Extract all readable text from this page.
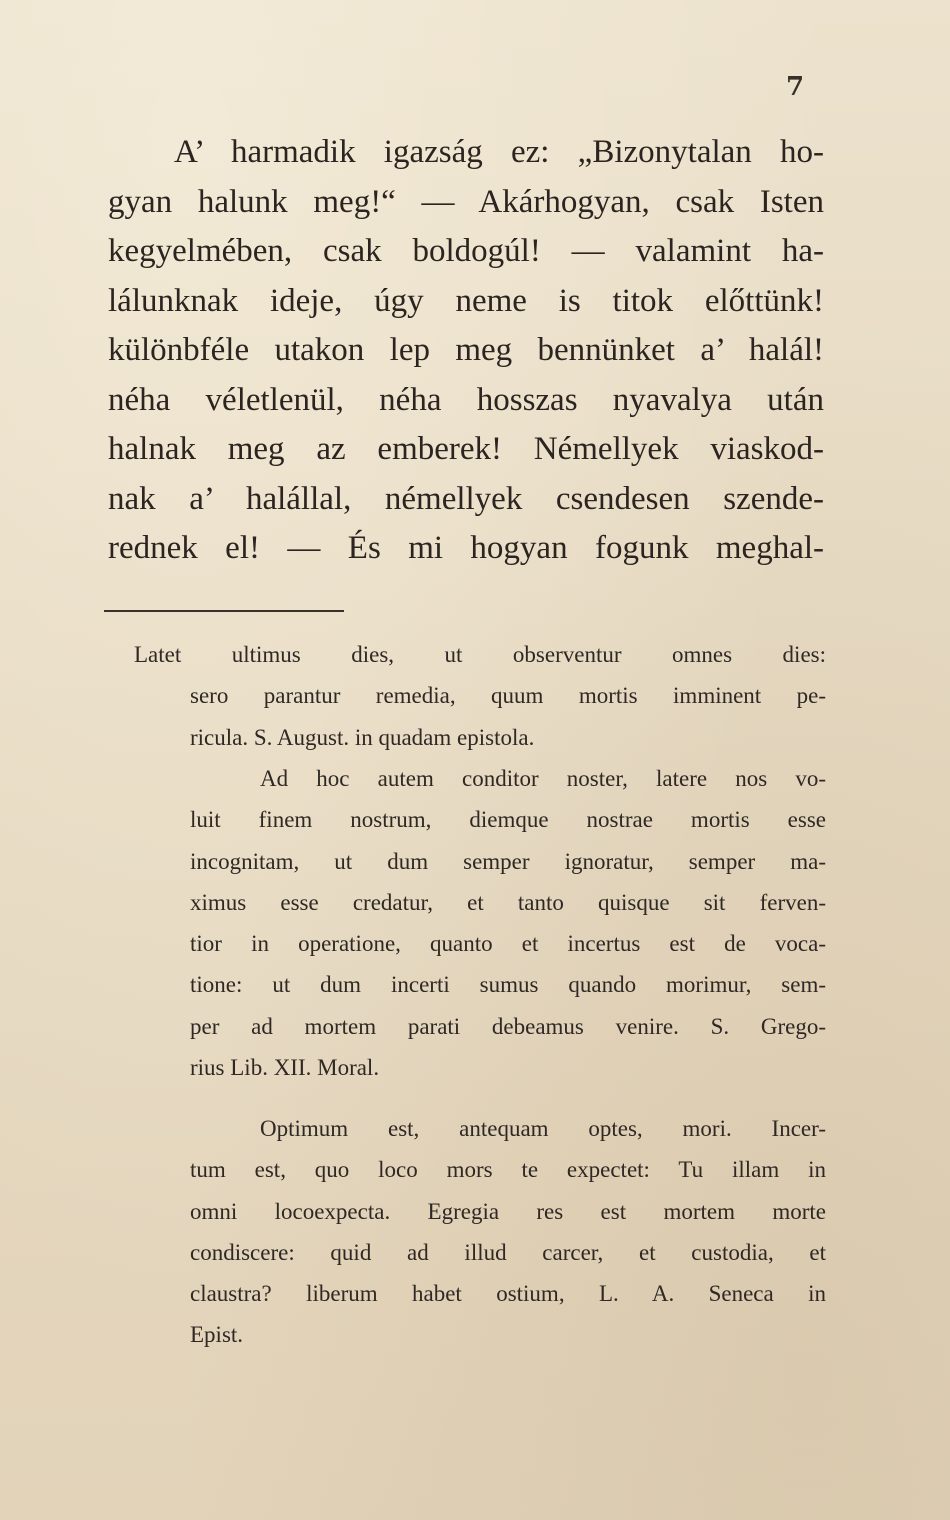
7
A’ harmadik igazság ez: „Bizonytalan ho-
gyan halunk meg!“ — Akárhogyan, csak Isten
kegyelmében, csak boldogúl! — valamint ha-
lálunknak ideje, úgy neme is titok előttünk!
különbféle utakon lep meg bennünket a’ halál!
néha véletlenül, néha hosszas nyavalya után
halnak meg az emberek! Némellyek viaskod-
nak a’ halállal, némellyek csendesen szende-
rednek el! — És mi hogyan fogunk meghal-
Latet ultimus dies, ut observentur omnes dies:
sero parantur remedia, quum mortis imminent pe-
ricula. S. August. in quadam epistola.
Ad hoc autem conditor noster, latere nos vo-
luit finem nostrum, diemque nostrae mortis esse
incognitam, ut dum semper ignoratur, semper ma-
ximus esse credatur, et tanto quisque sit ferven-
tior in operatione, quanto et incertus est de voca-
tione: ut dum incerti sumus quando morimur, sem-
per ad mortem parati debeamus venire. S. Grego-
rius Lib. XII. Moral.
Optimum est, antequam optes, mori. Incer-
tum est, quo loco mors te expectet: Tu illam in
omni locoexpecta. Egregia res est mortem morte
condiscere: quid ad illud carcer, et custodia, et
claustra? liberum habet ostium, L. A. Seneca in
Epist.
